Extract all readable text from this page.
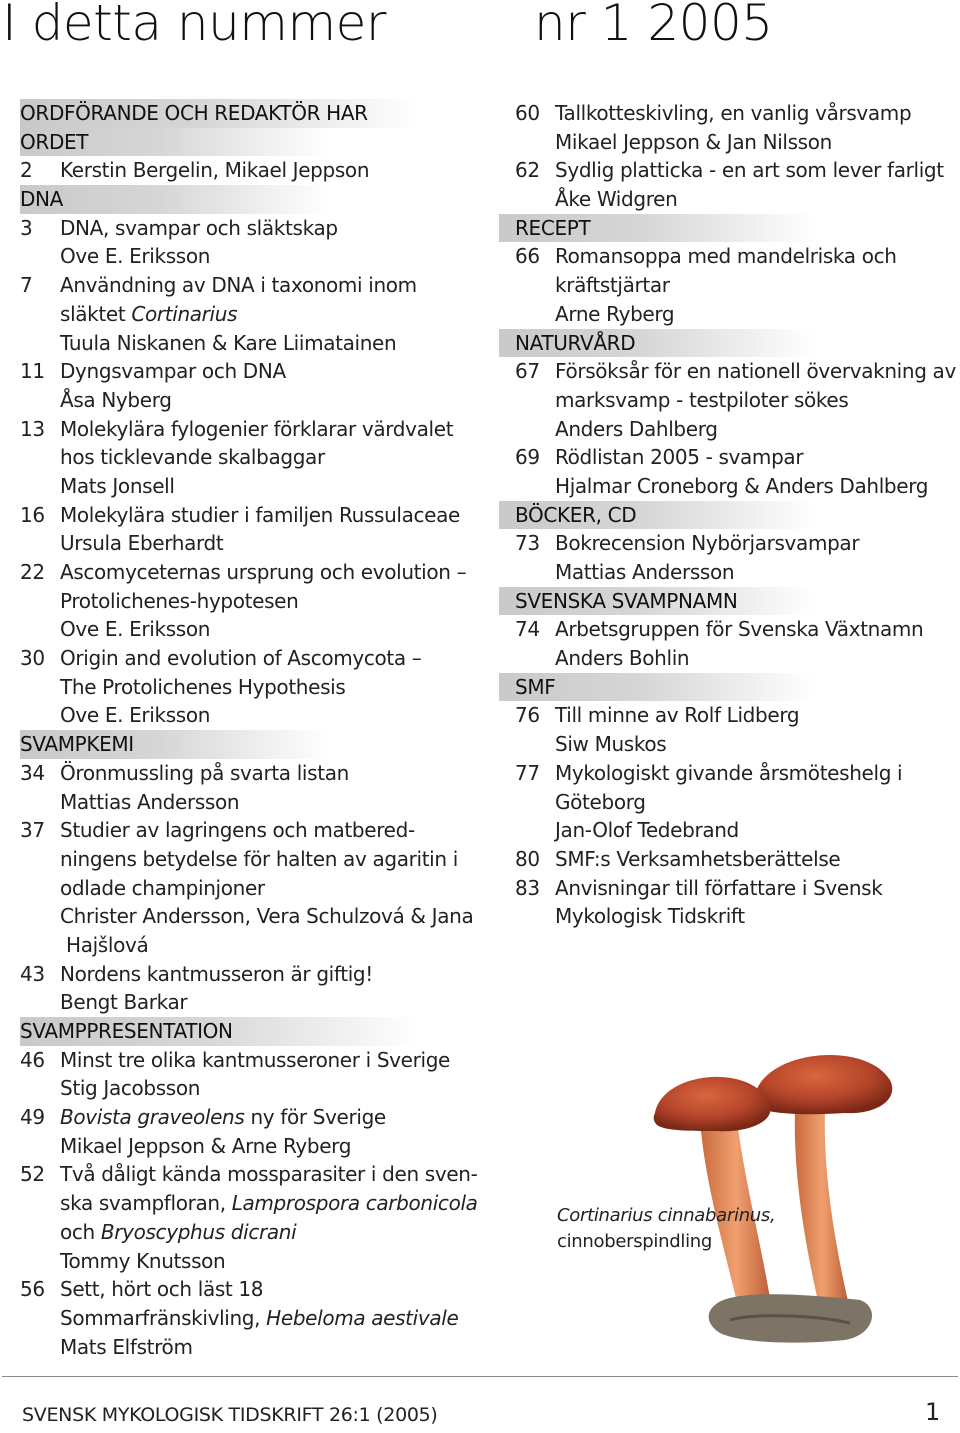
I detta nummer	nr 1 2005
ORDFÖRANDE OCH REDAKTÖR HAR
ORDET
2 Kerstin Bergelin, Mikael Jeppson
DNA
3 DNA, svampar och släktskap
Ove E. Eriksson
7 Användning av DNA i taxonomi inom
släktet Cortinarius
Tuula Niskanen & Kare Liimatainen
11 Dyngsvampar och DNA
Åsa Nyberg
13 Molekylära fylogenier förklarar värdvalet
hos ticklevande skalbaggar
Mats Jonsell
16 Molekylära studier i familjen Russulaceae
Ursula Eberhardt
22 Ascomyceternas ursprung och evolution –
Protolichenes-hypotesen
Ove E. Eriksson
30 Origin and evolution of Ascomycota –
The Protolichenes Hypothesis
Ove E. Eriksson
SVAMPKEMI
34 Öronmussling på svarta listan
Mattias Andersson
37 Studier av lagringens och matbered-
ningens betydelse för halten av agaritin i
odlade champinjoner
Christer Andersson, Vera Schulzová & Jana
Hajšlová
43 Nordens kantmusseron är giftig!
Bengt Barkar
SVAMPPRESENTATION
46 Minst tre olika kantmusseroner i Sverige
Stig Jacobsson
49 Bovista graveolens ny för Sverige
Mikael Jeppson & Arne Ryberg
52 Två dåligt kända mossparasiter i den sven-
ska svampfloran, Lamprospora carbonicola
och Bryoscyphus dicrani
Tommy Knutsson
56 Sett, hört och läst 18
Sommarfränskivling, Hebeloma aestivale
Mats Elfström
60 Tallkotteskivling, en vanlig vårsvamp
Mikael Jeppson & Jan Nilsson
62 Sydlig platticka - en art som lever farligt
Åke Widgren
RECEPT
66 Romansoppa med mandelriska och
kräftstjärtar
Arne Ryberg
NATURVÅRD
67 Försöksår för en nationell övervakning av
marksvamp - testpiloter sökes
Anders Dahlberg
69 Rödlistan 2005 - svampar
Hjalmar Croneborg & Anders Dahlberg
BÖCKER, CD
73 Bokrecension Nybörjarsvampar
Mattias Andersson
SVENSKA SVAMPNAMN
74 Arbetsgruppen för Svenska Växtnamn
Anders Bohlin
SMF
76 Till minne av Rolf Lidberg
Siw Muskos
77 Mykologiskt givande årsmöteshelg i
Göteborg
Jan-Olof Tedebrand
80 SMF:s Verksamhetsberättelse
83 Anvisningar till författare i Svensk
Mykologisk Tidskrift
Cortinarius cinnabarinus,
cinnoberspindling
SVENSK MYKOLOGISK TIDSKRIFT 26:1 (2005)	1
